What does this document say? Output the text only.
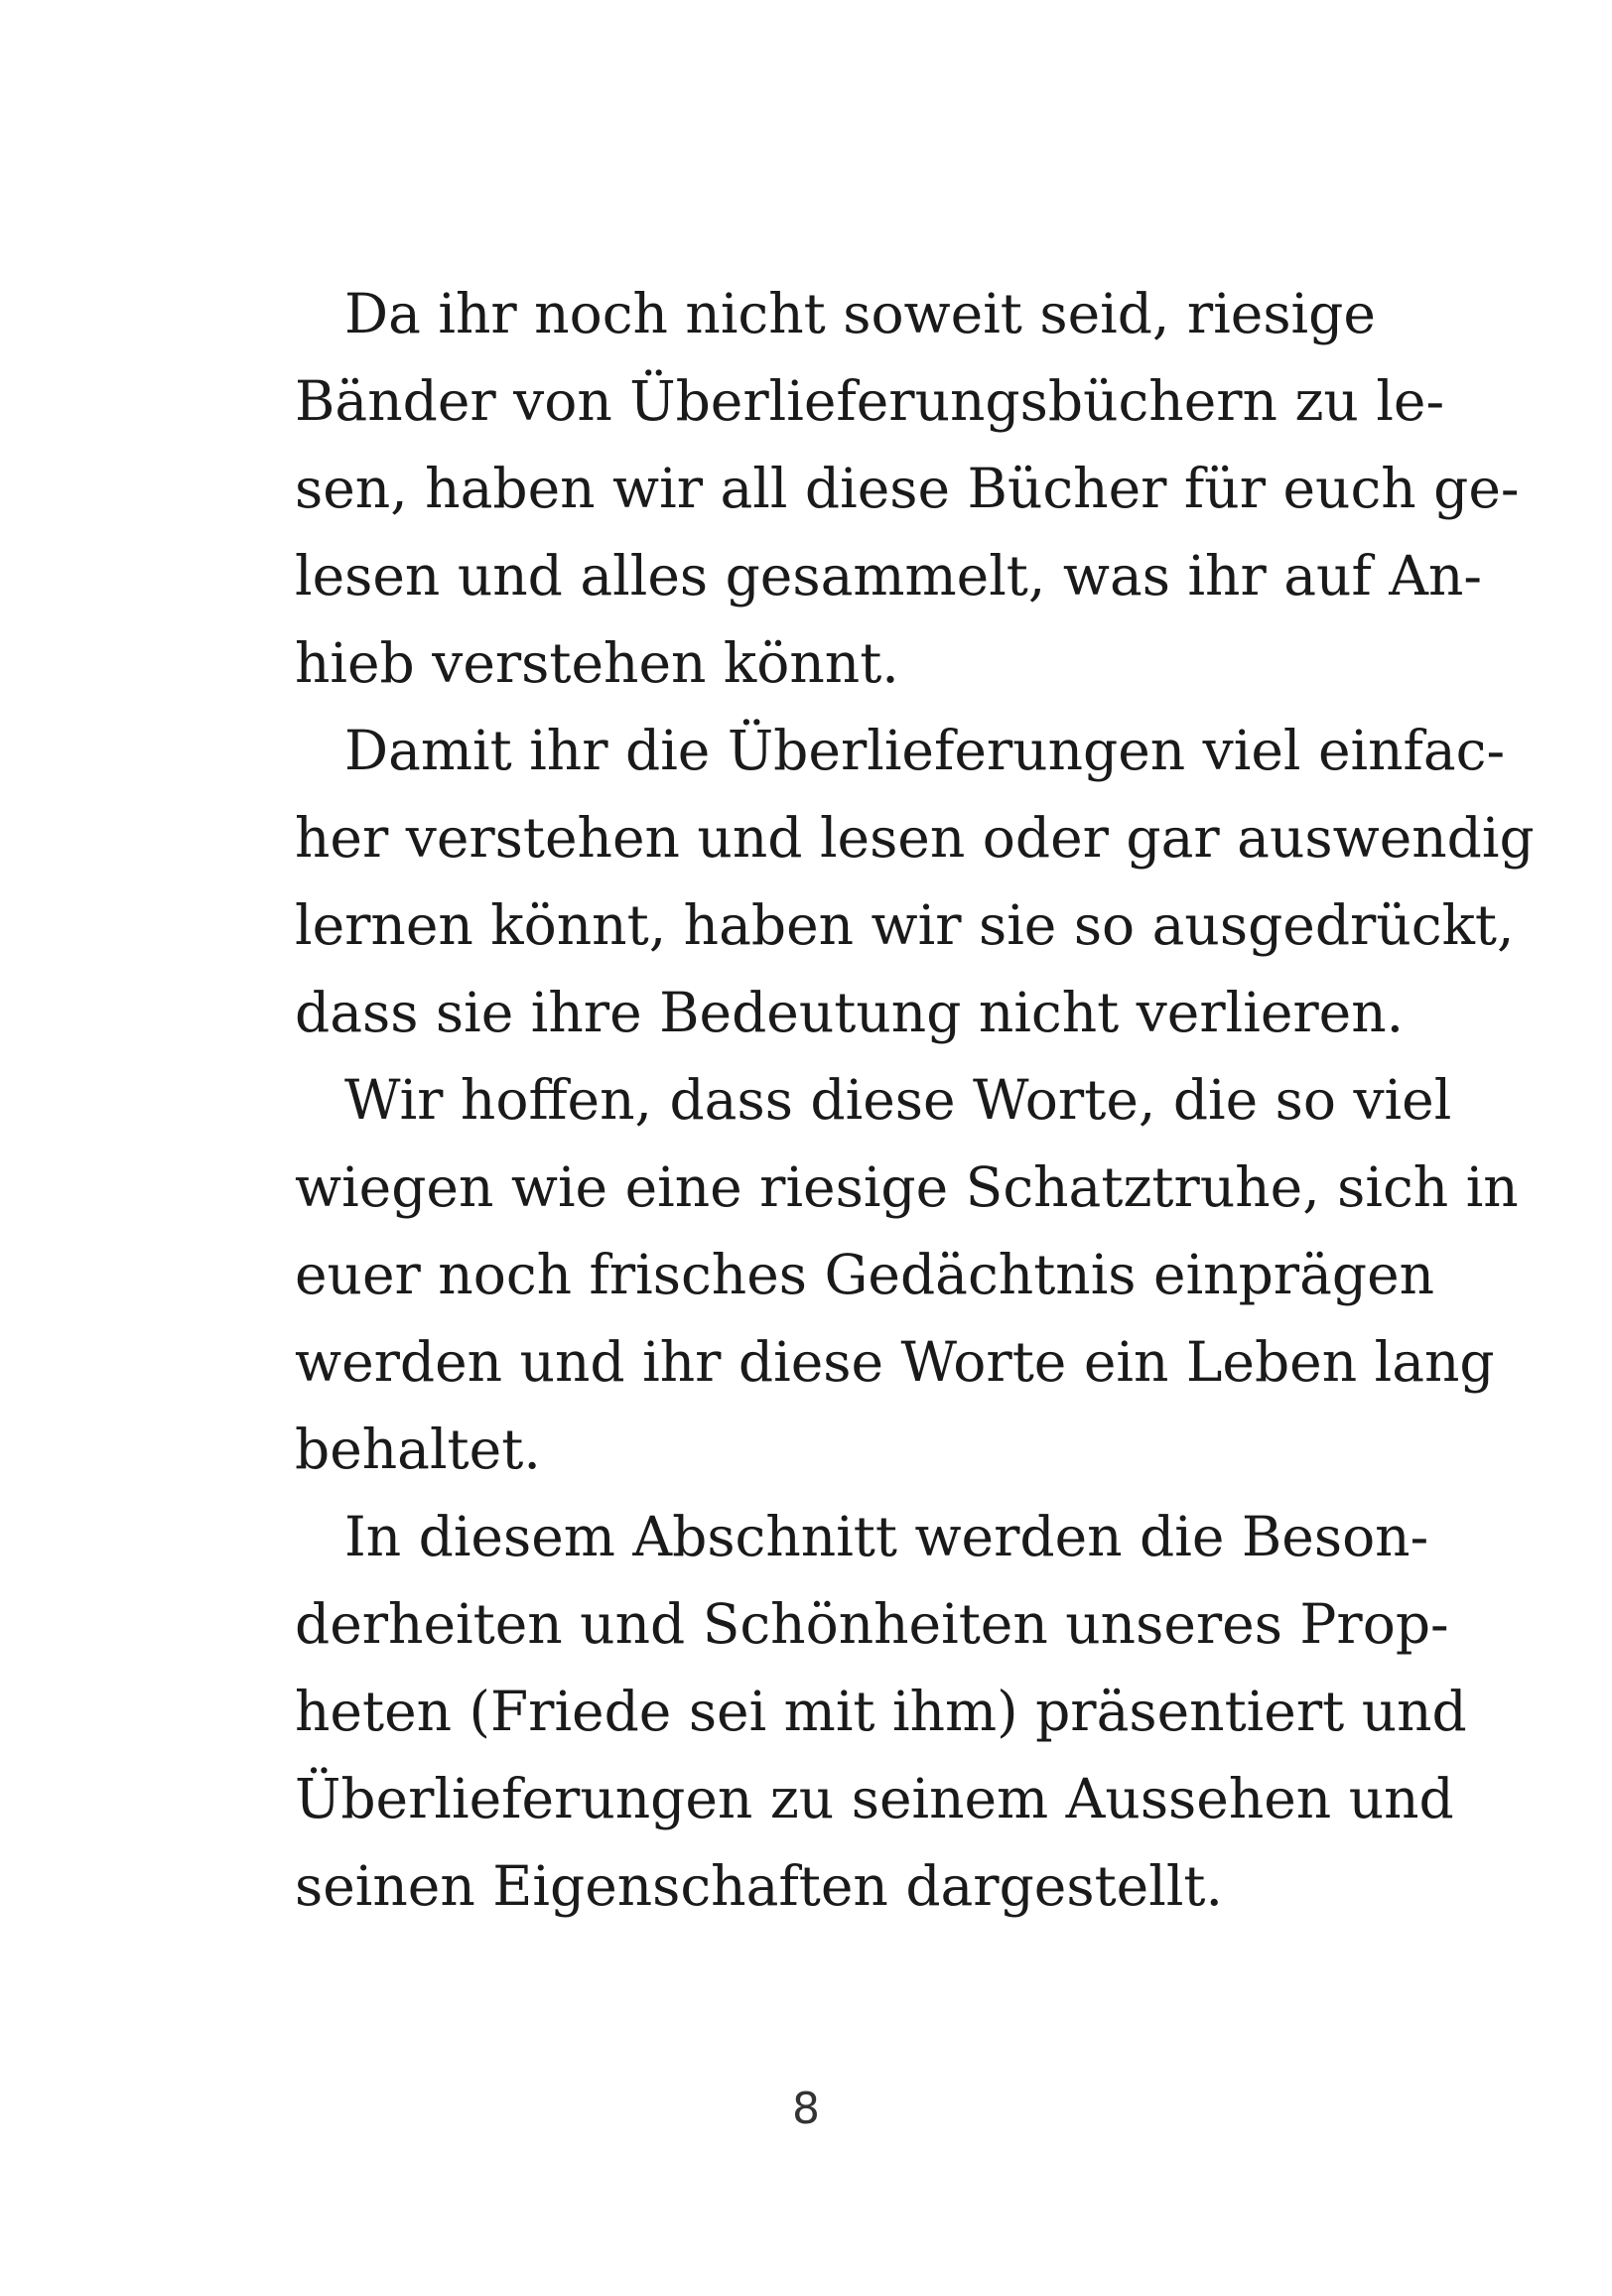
Da ihr noch nicht soweit seid, riesige
Bänder von Überlieferungsbüchern zu le-
sen, haben wir all diese Bücher für euch ge-
lesen und alles gesammelt, was ihr auf An-
hieb verstehen könnt.
Damit ihr die Überlieferungen viel einfac-
her verstehen und lesen oder gar auswendig
lernen könnt, haben wir sie so ausgedrückt,
dass sie ihre Bedeutung nicht verlieren.
Wir hoffen, dass diese Worte, die so viel
wiegen wie eine riesige Schatztruhe, sich in
euer noch frisches Gedächtnis einprägen
werden und ihr diese Worte ein Leben lang
behaltet.
In diesem Abschnitt werden die Beson-
derheiten und Schönheiten unseres Prop-
heten (Friede sei mit ihm) präsentiert und
Überlieferungen zu seinem Aussehen und
seinen Eigenschaften dargestellt.
8
